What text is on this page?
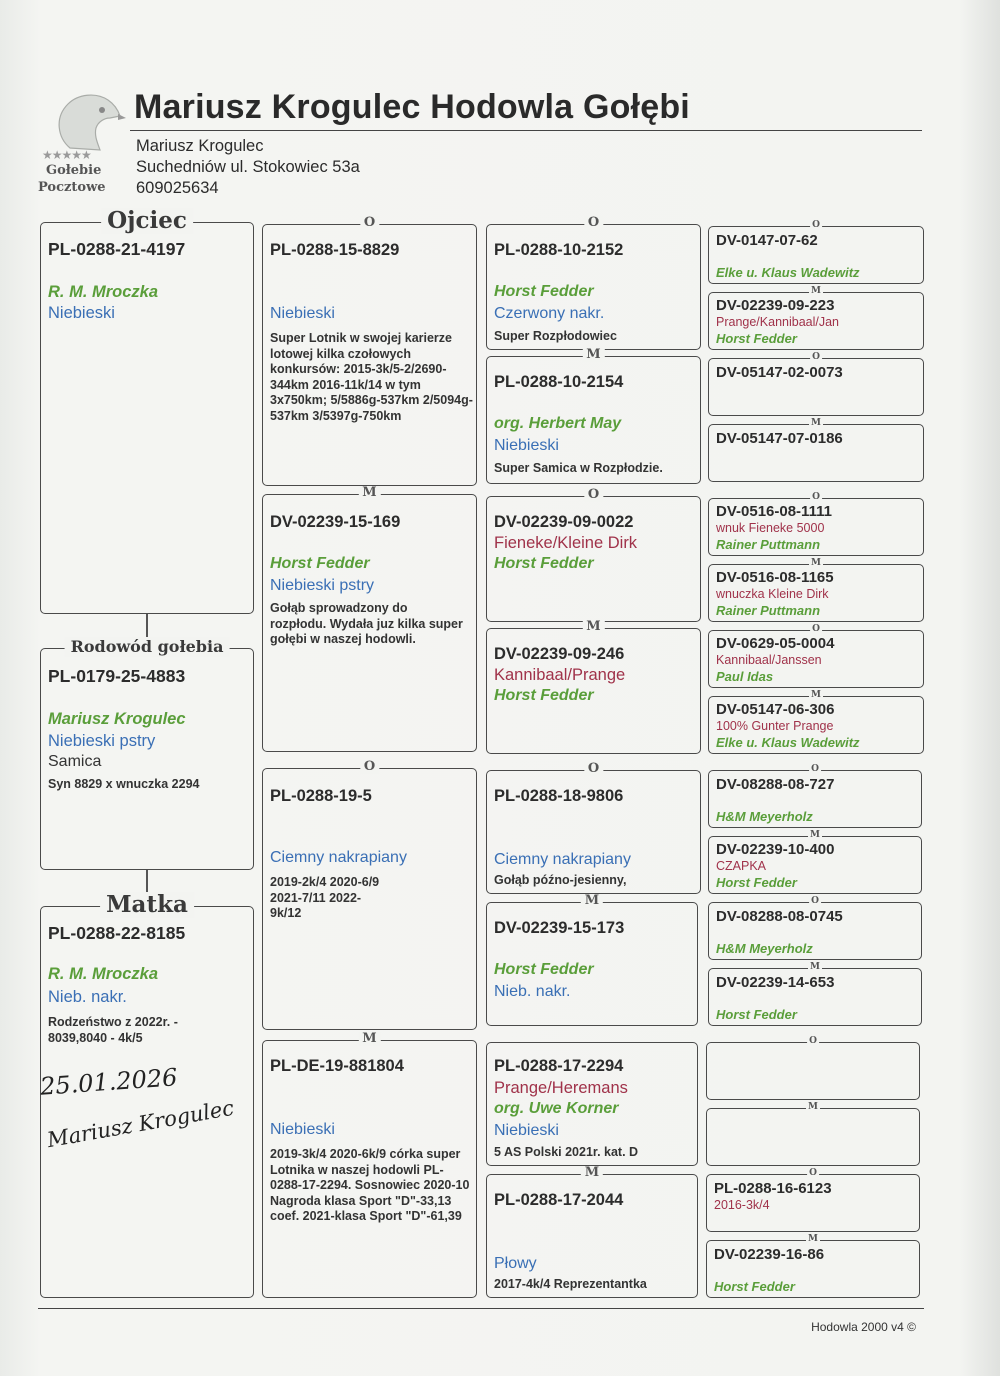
★★★★★
Gołebie
Pocztowe
Mariusz Krogulec Hodowla Gołębi
Mariusz Krogulec
Suchedniów ul. Stokowiec 53a
609025634
Ojciec
PL-0288-21-4197
R. M. Mroczka
Niebieski
Rodowód gołebia
PL-0179-25-4883
Mariusz Krogulec
Niebieski pstry
Samica
Syn 8829 x wnuczka 2294
Matka
PL-0288-22-8185
R. M. Mroczka
Nieb. nakr.
Rodzeństwo z 2022r. - 8039,8040 - 4k/5
25.01.2026
Mariusz Krogulec
O
PL-0288-15-8829
Niebieski
Super Lotnik w swojej karierze lotowej kilka czołowych konkursów: 2015-3k/5-2/2690-344km 2016-11k/14 w tym 3x750km; 5/5886g-537km 2/5094g-537km 3/5397g-750km
M
DV-02239-15-169
Horst Fedder
Niebieski pstry
Gołąb sprowadzony do rozpłodu. Wydała juz kilka super gołębi w naszej hodowli.
O
PL-0288-19-5
Ciemny nakrapiany
2019-2k/4 2020-6/9 2021-7/11 2022-9k/12
M
PL-DE-19-881804
Niebieski
2019-3k/4 2020-6k/9 córka super Lotnika w naszej hodowli PL-0288-17-2294. Sosnowiec 2020-10 Nagroda klasa Sport "D"-33,13 coef. 2021-klasa Sport "D"-61,39
O
PL-0288-10-2152
Horst Fedder
Czerwony nakr.
Super Rozpłodowiec
M
PL-0288-10-2154
org. Herbert May
Niebieski
Super Samica w Rozpłodzie.
O
DV-02239-09-0022
Fieneke/Kleine Dirk
Horst Fedder
M
DV-02239-09-246
Kannibaal/Prange
Horst Fedder
O
PL-0288-18-9806
Ciemny nakrapiany
Gołąb późno-jesienny,
M
DV-02239-15-173
Horst Fedder
Nieb. nakr.
PL-0288-17-2294
Prange/Heremans
org. Uwe Korner
Niebieski
5 AS Polski 2021r. kat. D
M
PL-0288-17-2044
Płowy
2017-4k/4 Reprezentantka
O
DV-0147-07-62
Elke u. Klaus Wadewitz
M
DV-02239-09-223
Prange/Kannibaal/Jan
Horst Fedder
O
DV-05147-02-0073
M
DV-05147-07-0186
O
DV-0516-08-1111
wnuk Fieneke 5000
Rainer Puttmann
M
DV-0516-08-1165
wnuczka Kleine Dirk
Rainer Puttmann
O
DV-0629-05-0004
Kannibaal/Janssen
Paul Idas
M
DV-05147-06-306
100% Gunter Prange
Elke u. Klaus Wadewitz
O
DV-08288-08-727
H&M Meyerholz
M
DV-02239-10-400
CZAPKA
Horst Fedder
O
DV-08288-08-0745
H&M Meyerholz
M
DV-02239-14-653
Horst Fedder
O
M
O
PL-0288-16-6123
2016-3k/4
M
DV-02239-16-86
Horst Fedder
Hodowla 2000 v4 ©
